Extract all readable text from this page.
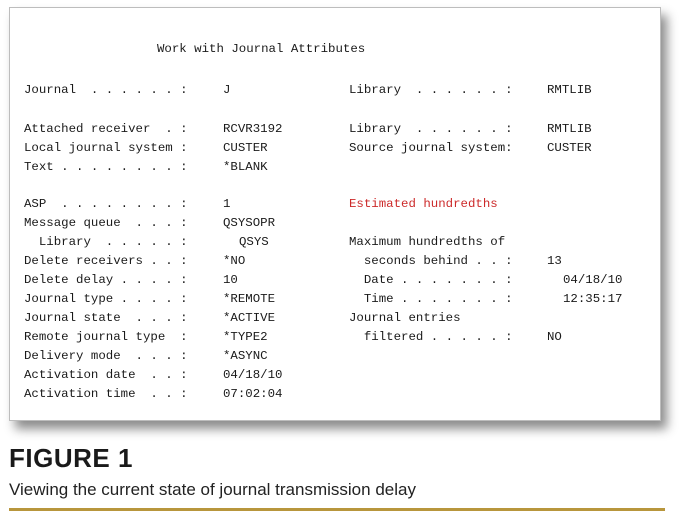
Work with Journal Attributes
Journal  . . . . . . :	J	Library  . . . . . . :	RMTLIB
Attached receiver  . :	RCVR3192	Library  . . . . . . :	RMTLIB
Local journal system :	CUSTER	Source journal system:	CUSTER
Text . . . . . . . . :	*BLANK
ASP  . . . . . . . . :	1	Estimated hundredths
Message queue  . . . :	QSYSOPR
Library  . . . . . :	QSYS	Maximum hundredths of
Delete receivers . . :	*NO	seconds behind . . :	13
Delete delay . . . . :	10	Date . . . . . . . :	04/18/10
Journal type . . . . :	*REMOTE	Time . . . . . . . :	12:35:17
Journal state  . . . :	*ACTIVE	Journal entries
Remote journal type  :	*TYPE2	filtered . . . . . :	NO
Delivery mode  . . . :	*ASYNC
Activation date  . . :	04/18/10
Activation time  . . :	07:02:04
FIGURE 1
Viewing the current state of journal transmission delay
